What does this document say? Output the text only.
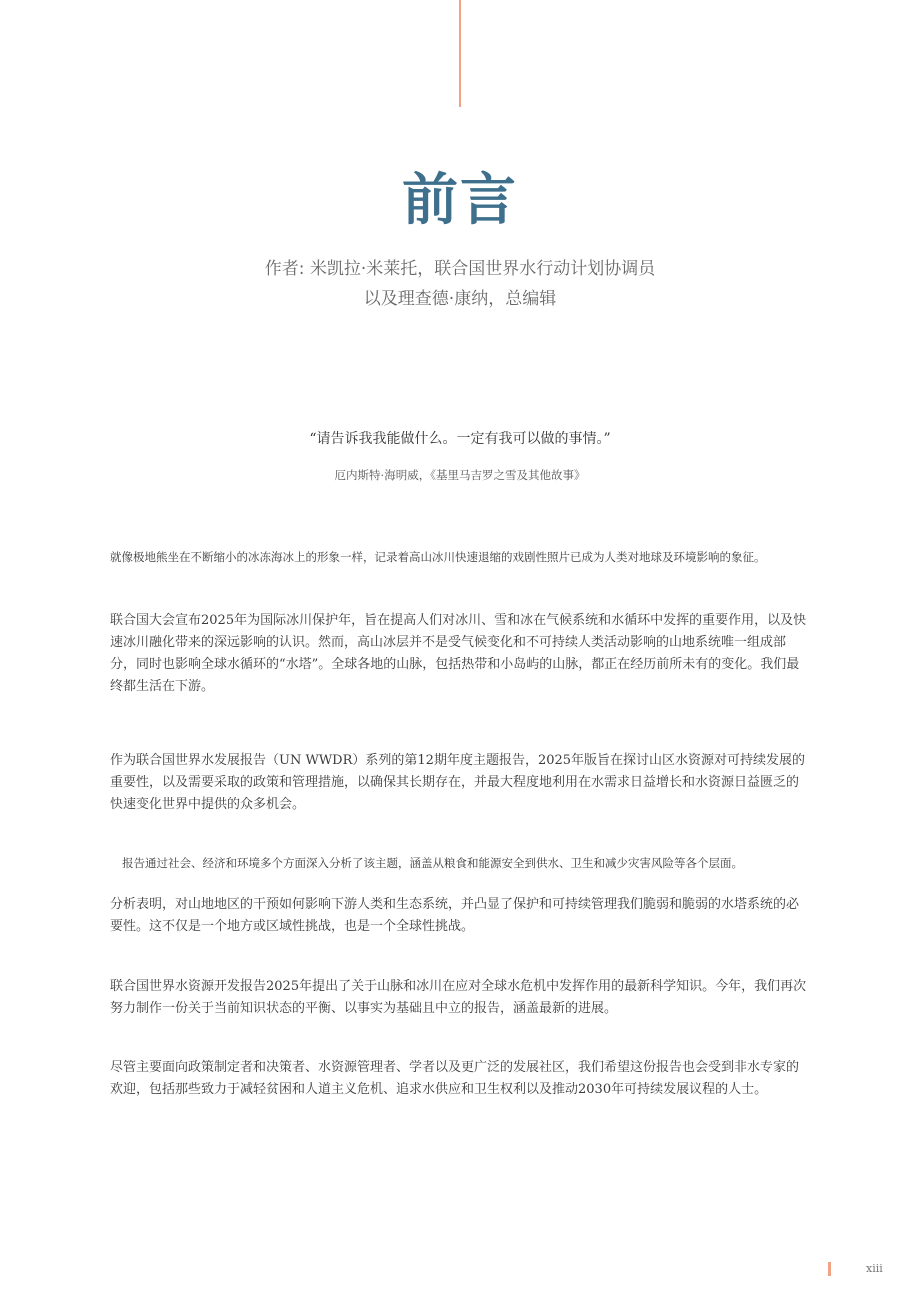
前言
作者: 米凯拉·米莱托，联合国世界水行动计划协调员
以及理查德·康纳，总编辑
“请告诉我我能做什么。一定有我可以做的事情。”
厄内斯特·海明威，《基里马吉罗之雪及其他故事》

就像极地熊坐在不断缩小的冰冻海冰上的形象一样，记录着高山冰川快速退缩的戏剧性照片已成为人类对地球及环境影响的象征。

联合国大会宣布2025年为国际冰川保护年，旨在提高人们对冰川、雪和冰在气候系统和水循环中发挥的重要作用，以及快速冰川融化带来的深远影响的认识。然而，高山冰层并不是受气候变化和不可持续人类活动影响的山地系统唯一组成部分，同时也影响全球水循环的“水塔”。全球各地的山脉，包括热带和小岛屿的山脉，都正在经历前所未有的变化。我们最终都生活在下游。

作为联合国世界水发展报告（UN WWDR）系列的第12期年度主题报告，2025年版旨在探讨山区水资源对可持续发展的重要性，以及需要采取的政策和管理措施，以确保其长期存在，并最大程度地利用在水需求日益增长和水资源日益匮乏的快速变化世界中提供的众多机会。

报告通过社会、经济和环境多个方面深入分析了该主题，涵盖从粮食和能源安全到供水、卫生和减少灾害风险等各个层面。

分析表明，对山地地区的干预如何影响下游人类和生态系统，并凸显了保护和可持续管理我们脆弱和脆弱的水塔系统的必要性。这不仅是一个地方或区域性挑战，也是一个全球性挑战。

联合国世界水资源开发报告2025年提出了关于山脉和冰川在应对全球水危机中发挥作用的最新科学知识。今年，我们再次努力制作一份关于当前知识状态的平衡、以事实为基础且中立的报告，涵盖最新的进展。

尽管主要面向政策制定者和决策者、水资源管理者、学者以及更广泛的发展社区，我们希望这份报告也会受到非水专家的欢迎，包括那些致力于减轻贫困和人道主义危机、追求水供应和卫生权利以及推动2030年可持续发展议程的人士。

xiii
